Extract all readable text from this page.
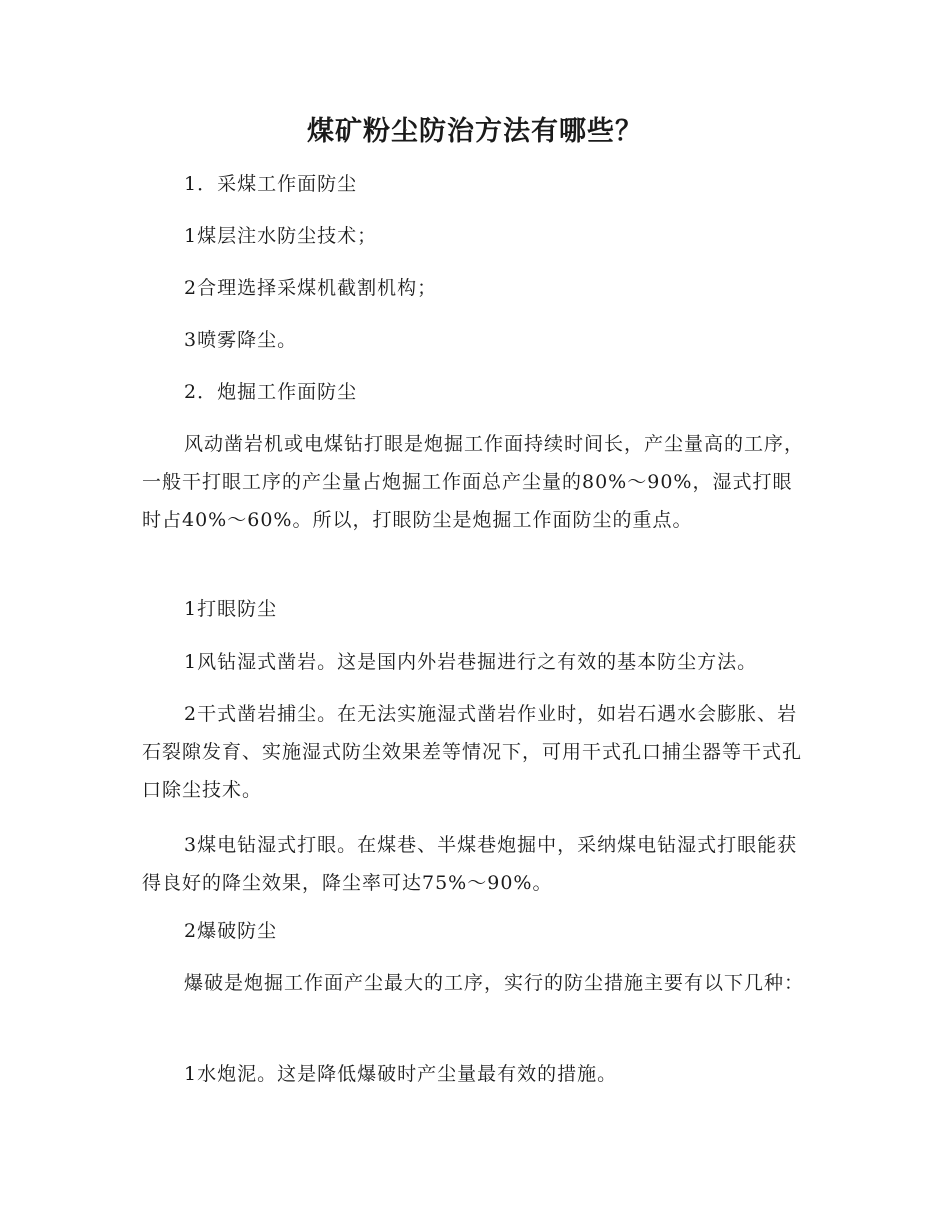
煤矿粉尘防治方法有哪些？

1．采煤工作面防尘

1煤层注水防尘技术；

2合理选择采煤机截割机构；

3喷雾降尘。

2．炮掘工作面防尘

风动凿岩机或电煤钻打眼是炮掘工作面持续时间长，产尘量高的工序，一般干打眼工序的产尘量占炮掘工作面总产尘量的80%～90%，湿式打眼时占40%～60%。所以，打眼防尘是炮掘工作面防尘的重点。

1打眼防尘

1风钻湿式凿岩。这是国内外岩巷掘进行之有效的基本防尘方法。

2干式凿岩捕尘。在无法实施湿式凿岩作业时，如岩石遇水会膨胀、岩石裂隙发育、实施湿式防尘效果差等情况下，可用干式孔口捕尘器等干式孔口除尘技术。

3煤电钻湿式打眼。在煤巷、半煤巷炮掘中，采纳煤电钻湿式打眼能获得良好的降尘效果，降尘率可达75%～90%。

2爆破防尘

爆破是炮掘工作面产尘最大的工序，实行的防尘措施主要有以下几种：

1水炮泥。这是降低爆破时产尘量最有效的措施。
